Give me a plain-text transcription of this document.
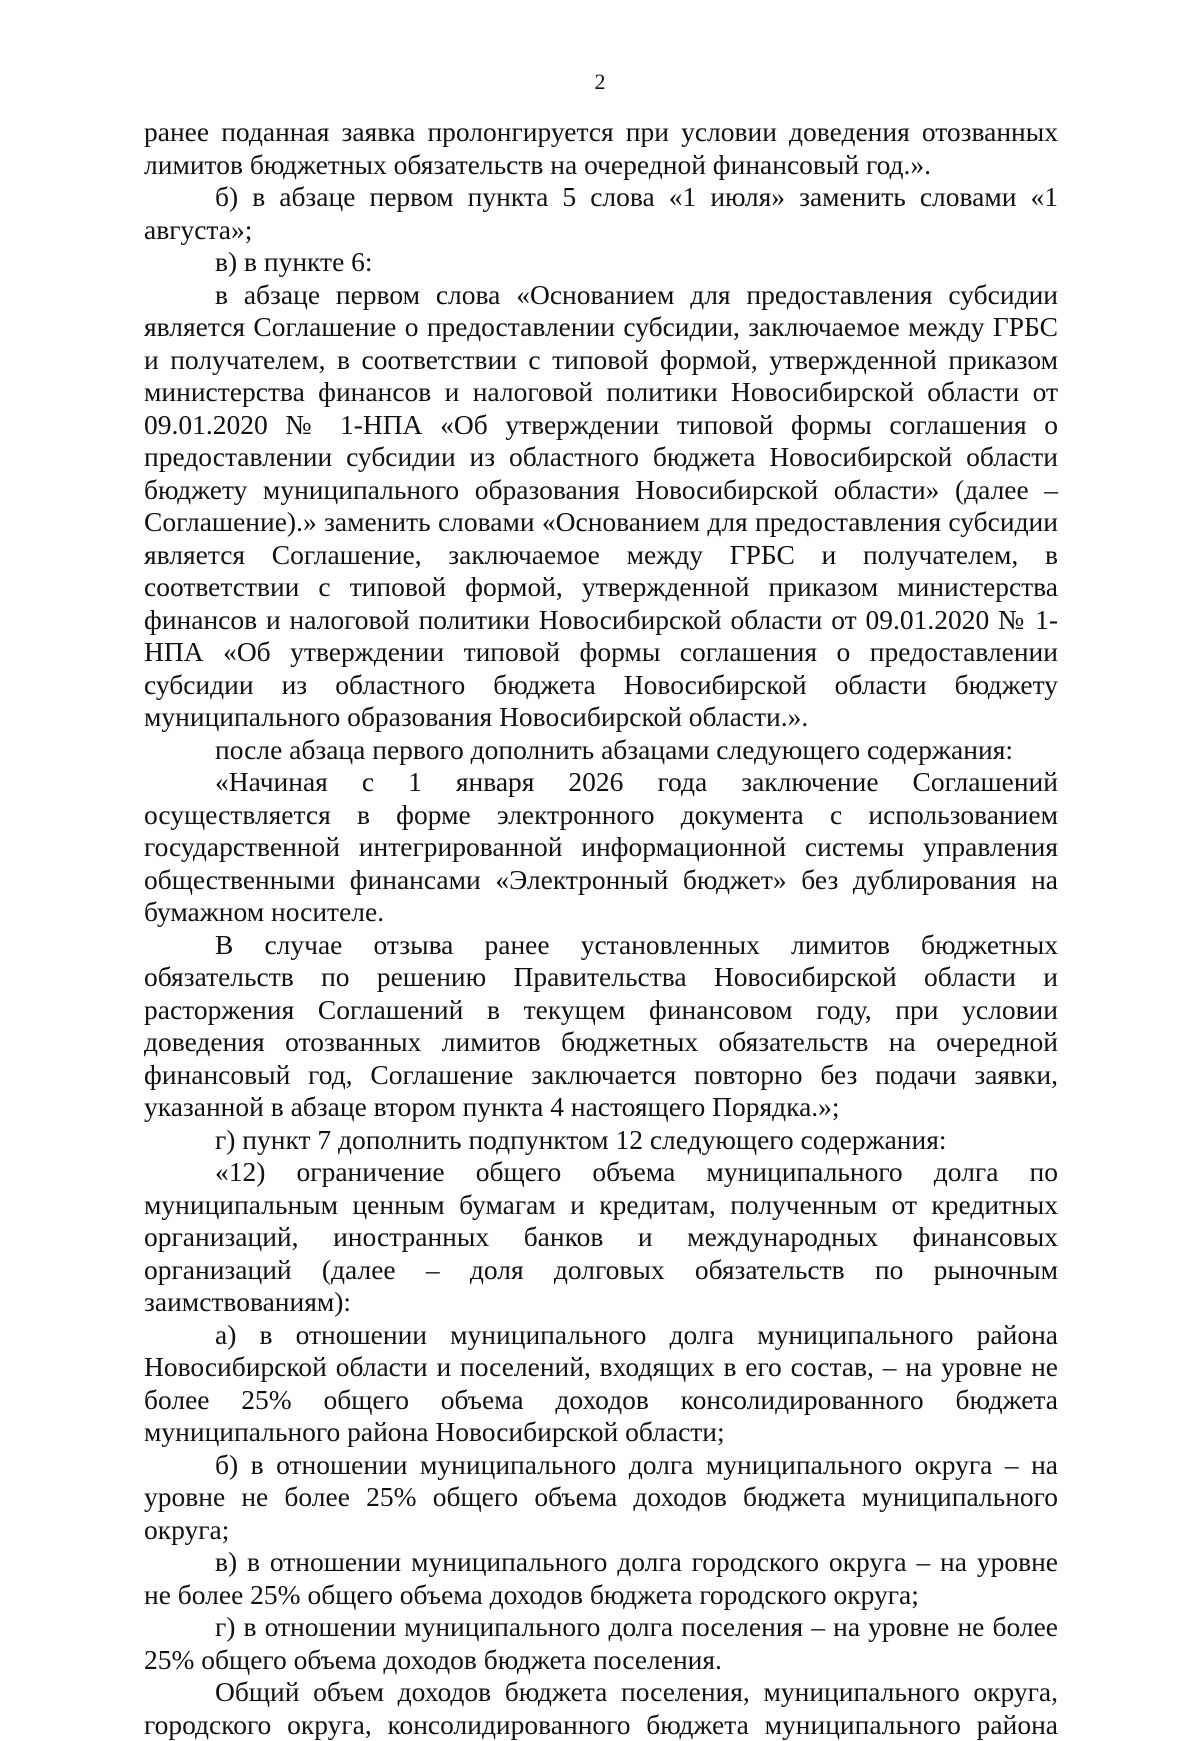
2

ранее поданная заявка пролонгируется при условии доведения отозванных лимитов бюджетных обязательств на очередной финансовый год.».

б) в абзаце первом пункта 5 слова «1 июля» заменить словами «1 августа»;

в) в пункте 6:

в абзаце первом слова «Основанием для предоставления субсидии является Соглашение о предоставлении субсидии, заключаемое между ГРБС и получателем, в соответствии с типовой формой, утвержденной приказом министерства финансов и налоговой политики Новосибирской области от 09.01.2020 № 1-НПА «Об утверждении типовой формы соглашения о предоставлении субсидии из областного бюджета Новосибирской области бюджету муниципального образования Новосибирской области» (далее – Соглашение).» заменить словами «Основанием для предоставления субсидии является Соглашение, заключаемое между ГРБС и получателем, в соответствии с типовой формой, утвержденной приказом министерства финансов и налоговой политики Новосибирской области от 09.01.2020 № 1-НПА «Об утверждении типовой формы соглашения о предоставлении субсидии из областного бюджета Новосибирской области бюджету муниципального образования Новосибирской области.».

после абзаца первого дополнить абзацами следующего содержания:

«Начиная с 1 января 2026 года заключение Соглашений осуществляется в форме электронного документа с использованием государственной интегрированной информационной системы управления общественными финансами «Электронный бюджет» без дублирования на бумажном носителе.

В случае отзыва ранее установленных лимитов бюджетных обязательств по решению Правительства Новосибирской области и расторжения Соглашений в текущем финансовом году, при условии доведения отозванных лимитов бюджетных обязательств на очередной финансовый год, Соглашение заключается повторно без подачи заявки, указанной в абзаце втором пункта 4 настоящего Порядка.»;

г) пункт 7 дополнить подпунктом 12 следующего содержания:

«12) ограничение общего объема муниципального долга по муниципальным ценным бумагам и кредитам, полученным от кредитных организаций, иностранных банков и международных финансовых организаций (далее – доля долговых обязательств по рыночным заимствованиям):

а) в отношении муниципального долга муниципального района Новосибирской области и поселений, входящих в его состав, – на уровне не более 25% общего объема доходов консолидированного бюджета муниципального района Новосибирской области;

б) в отношении муниципального долга муниципального округа – на уровне не более 25% общего объема доходов бюджета муниципального округа;

в) в отношении муниципального долга городского округа – на уровне не более 25% общего объема доходов бюджета городского округа;

г) в отношении муниципального долга поселения – на уровне не более 25% общего объема доходов бюджета поселения.

Общий объем доходов бюджета поселения, муниципального округа, городского округа, консолидированного бюджета муниципального района
